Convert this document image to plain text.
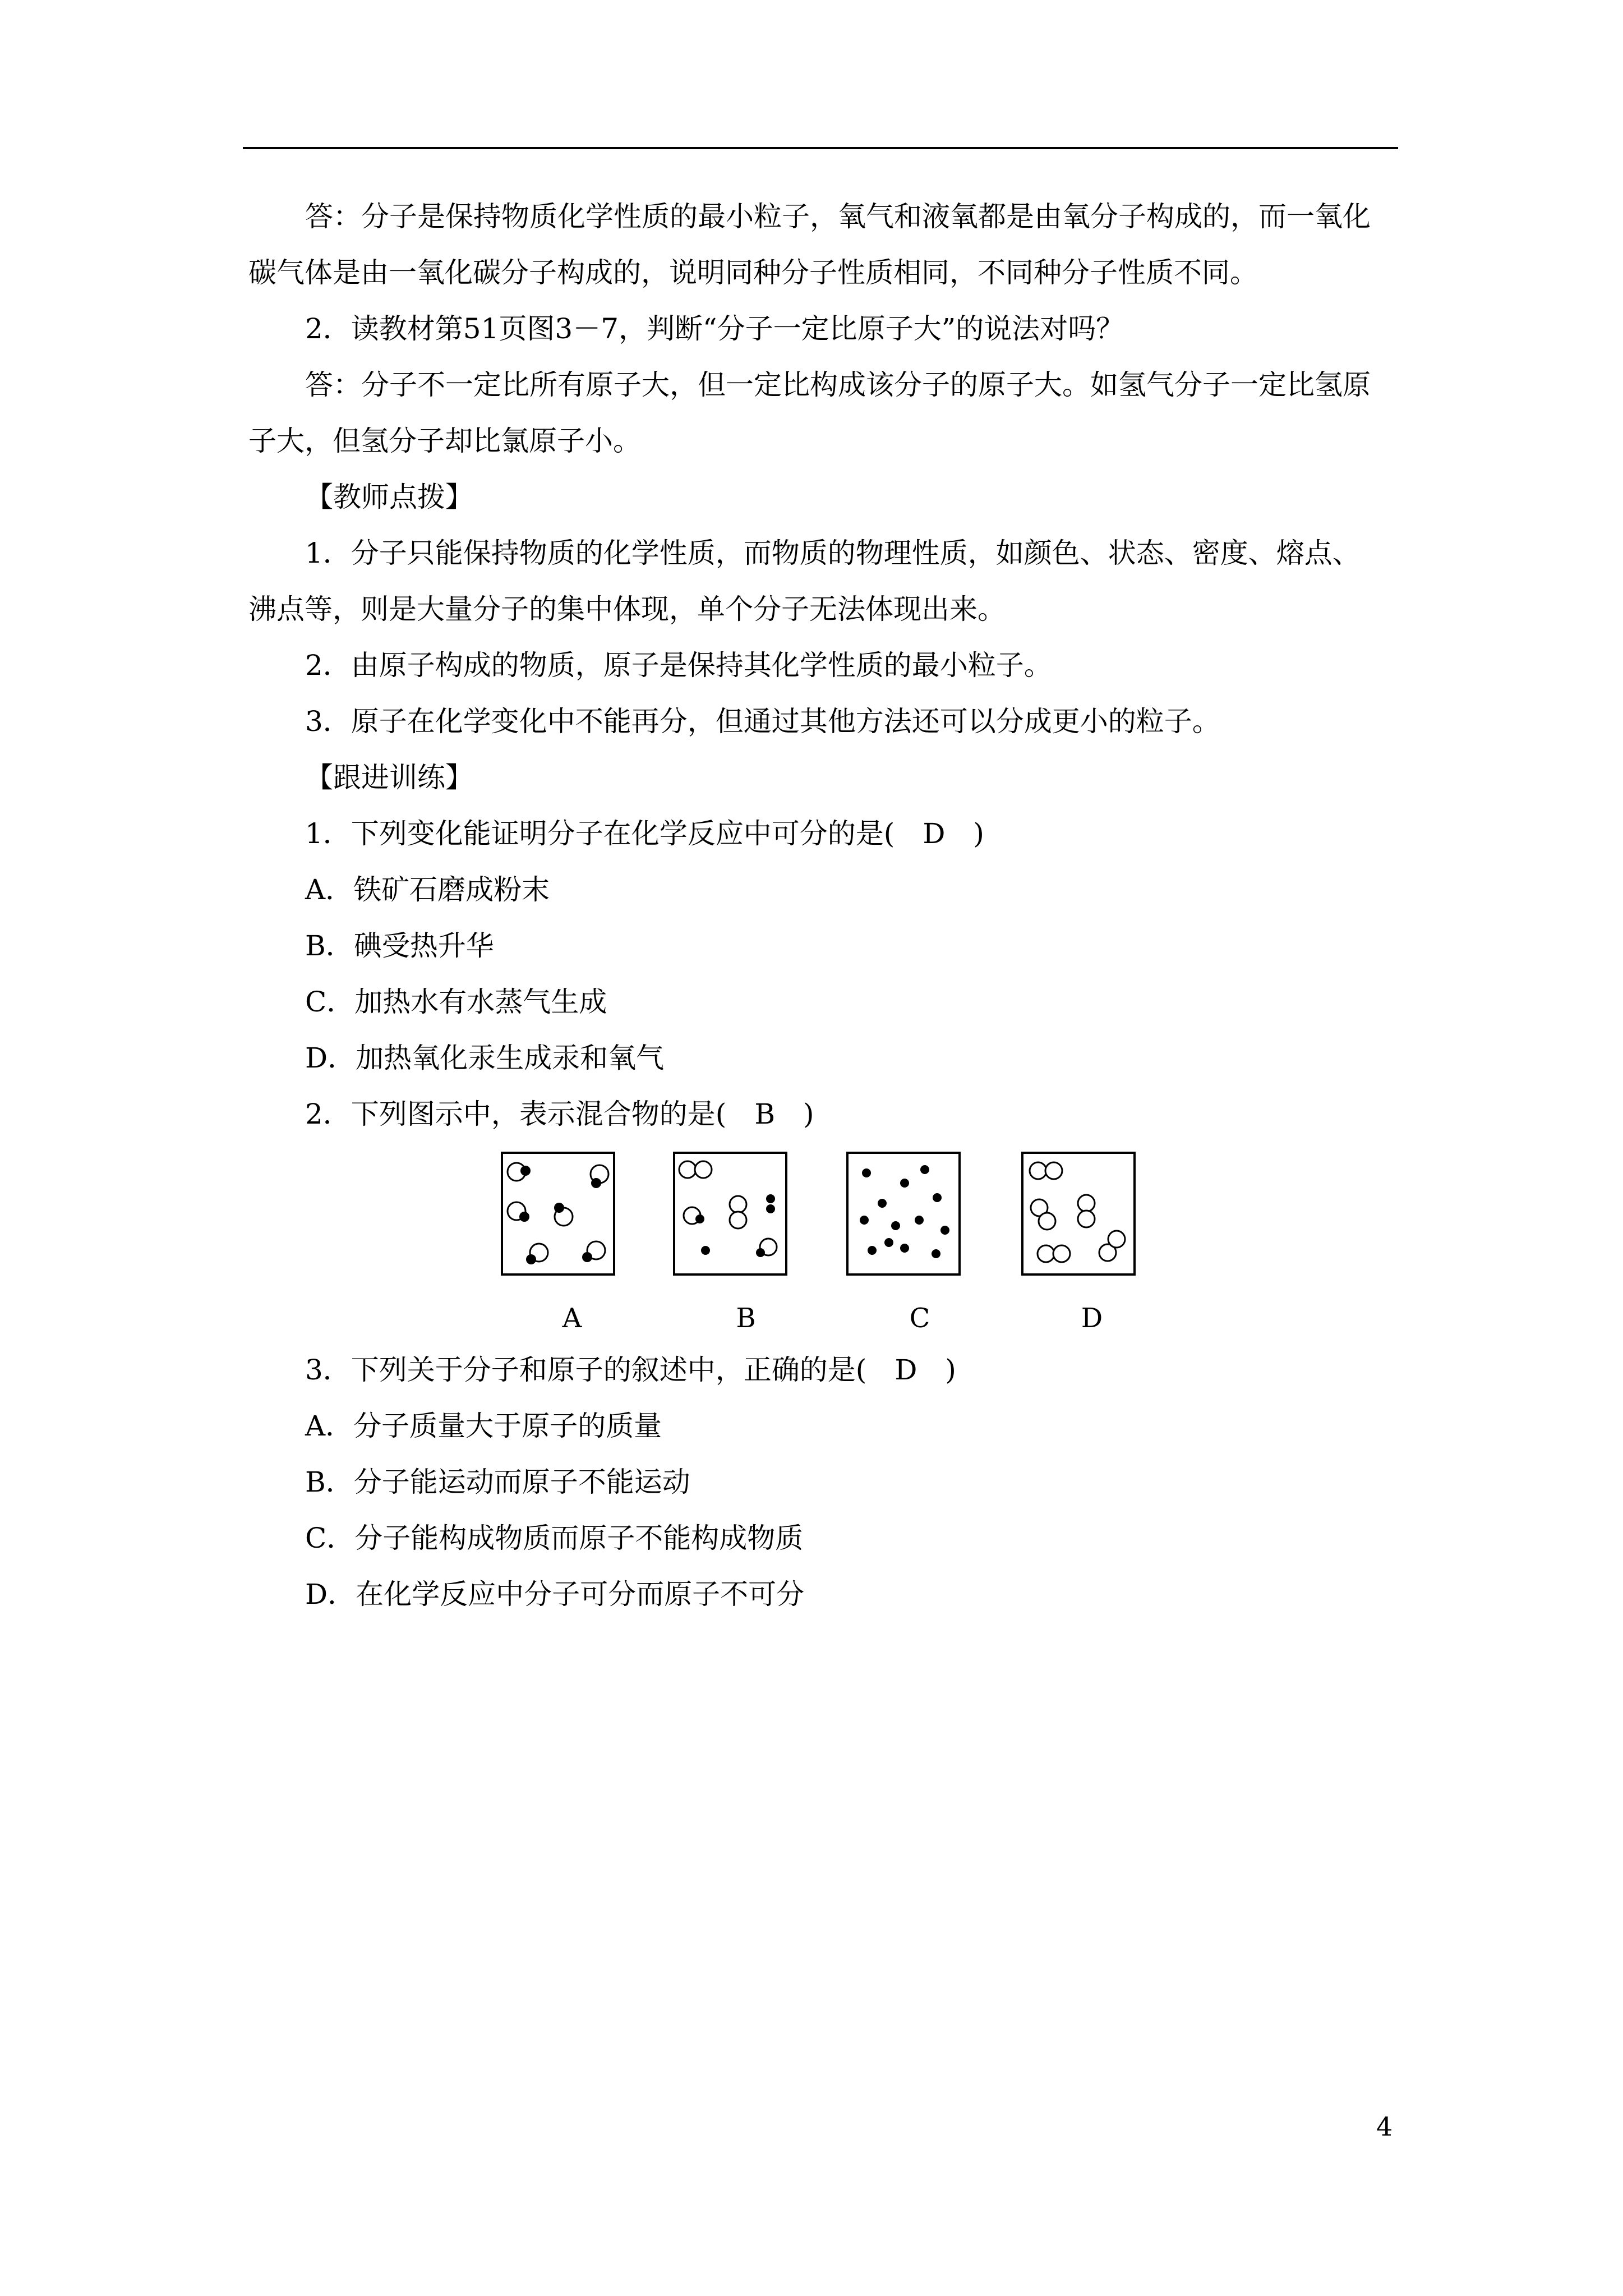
答：分子是保持物质化学性质的最小粒子，氧气和液氧都是由氧分子构成的，而一氧化
碳气体是由一氧化碳分子构成的，说明同种分子性质相同，不同种分子性质不同。
2．读教材第51页图3－7，判断“分子一定比原子大”的说法对吗？
答：分子不一定比所有原子大，但一定比构成该分子的原子大。如氢气分子一定比氢原
子大，但氢分子却比氯原子小。
【教师点拨】
1．分子只能保持物质的化学性质，而物质的物理性质，如颜色、状态、密度、熔点、
沸点等，则是大量分子的集中体现，单个分子无法体现出来。
2．由原子构成的物质，原子是保持其化学性质的最小粒子。
3．原子在化学变化中不能再分，但通过其他方法还可以分成更小的粒子。
【跟进训练】
1．下列变化能证明分子在化学反应中可分的是(　D　)
A．铁矿石磨成粉末
B．碘受热升华
C．加热水有水蒸气生成
D．加热氧化汞生成汞和氧气
2．下列图示中，表示混合物的是(　B　)
A	B	C	D
3．下列关于分子和原子的叙述中，正确的是(　D　)
A．分子质量大于原子的质量
B．分子能运动而原子不能运动
C．分子能构成物质而原子不能构成物质
D．在化学反应中分子可分而原子不可分
4
